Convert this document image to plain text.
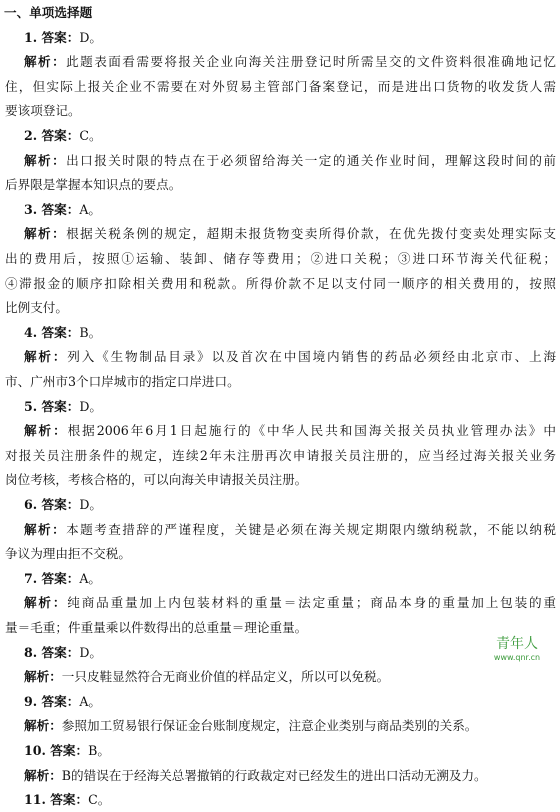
一、单项选择题
1. 答案：D。
解析：此题表面看需要将报关企业向海关注册登记时所需呈交的文件资料很准确地记忆
住，但实际上报关企业不需要在对外贸易主管部门备案登记，而是进出口货物的收发货人需
要该项登记。
2. 答案：C。
解析：出口报关时限的特点在于必须留给海关一定的通关作业时间，理解这段时间的前
后界限是掌握本知识点的要点。
3. 答案：A。
解析：根据关税条例的规定，超期未报货物变卖所得价款，在优先拨付变卖处理实际支
出的费用后，按照①运输、装卸、储存等费用；②进口关税；③进口环节海关代征税；
④滞报金的顺序扣除相关费用和税款。所得价款不足以支付同一顺序的相关费用的，按照
比例支付。
4. 答案：B。
解析：列入《生物制品目录》以及首次在中国境内销售的药品必须经由北京市、上海
市、广州市3个口岸城市的指定口岸进口。
5. 答案：D。
解析：根据2006年6月1日起施行的《中华人民共和国海关报关员执业管理办法》中
对报关员注册条件的规定，连续2年未注册再次申请报关员注册的，应当经过海关报关业务
岗位考核，考核合格的，可以向海关申请报关员注册。
6. 答案：D。
解析：本题考查措辞的严谨程度，关键是必须在海关规定期限内缴纳税款，不能以纳税
争议为理由拒不交税。
7. 答案：A。
解析：纯商品重量加上内包装材料的重量＝法定重量；商品本身的重量加上包装的重
量＝毛重；件重量乘以件数得出的总重量＝理论重量。
8. 答案：D。
解析：一只皮鞋显然符合无商业价值的样品定义，所以可以免税。
9. 答案：A。
解析：参照加工贸易银行保证金台账制度规定，注意企业类别与商品类别的关系。
10. 答案：B。
解析：B的错误在于经海关总署撤销的行政裁定对已经发生的进出口活动无溯及力。
11. 答案：C。
青年人
www.qnr.cn
